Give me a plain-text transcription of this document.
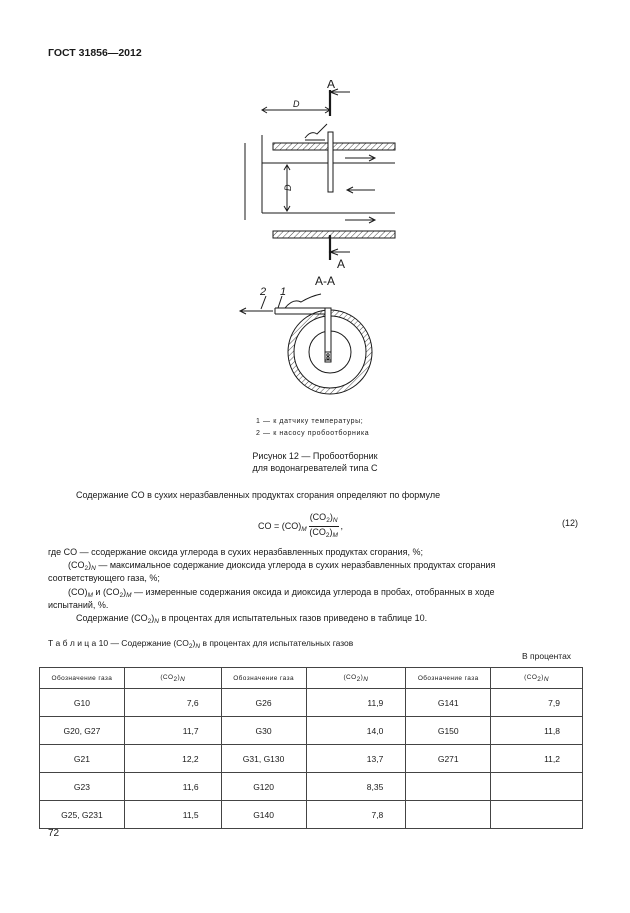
ГОСТ 31856—2012
А
А
D
D
А-А
2 1
1 — к датчику температуры;
2 — к насосу пробоотборника
Рисунок 12 — Пробоотборник
для водонагревателей типа С
Содержание CO в сухих неразбавленных продуктах сгорания определяют по формуле
CO = $(CO)_M \frac{(CO_2)_N}{(CO_2)_M}$ ,	(12)
где CO — ссодержание оксида углерода в сухих неразбавленных продуктах сгорания, %;
$(CO_2)_N$ — максимальное содержание диоксида углерода в сухих неразбавленных продуктах сгорания
соответствующего газа, %;
$(CO)_M$ и $(CO_2)_M$ — измеренные содержания оксида и диоксида углерода в пробах, отобранных в ходе
испытаний, %.
Содержание $(CO_2)_N$ в процентах для испытательных газов приведено в таблице 10.
Т а б л и ц а 10 — Содержание $(CO_2)_N$ в процентах для испытательных газов
В процентах
Обозначение газа	(CO2)N	Обозначение газа	(CO2)N	Обозначение газа	(CO2)N
G10	7,6	G26	11,9	G141	7,9
G20, G27	11,7	G30	14,0	G150	11,8
G21	12,2	G31, G130	13,7	G271	11,2
G23	11,6	G120	8,35		
G25, G231	11,5	G140	7,8		
72
